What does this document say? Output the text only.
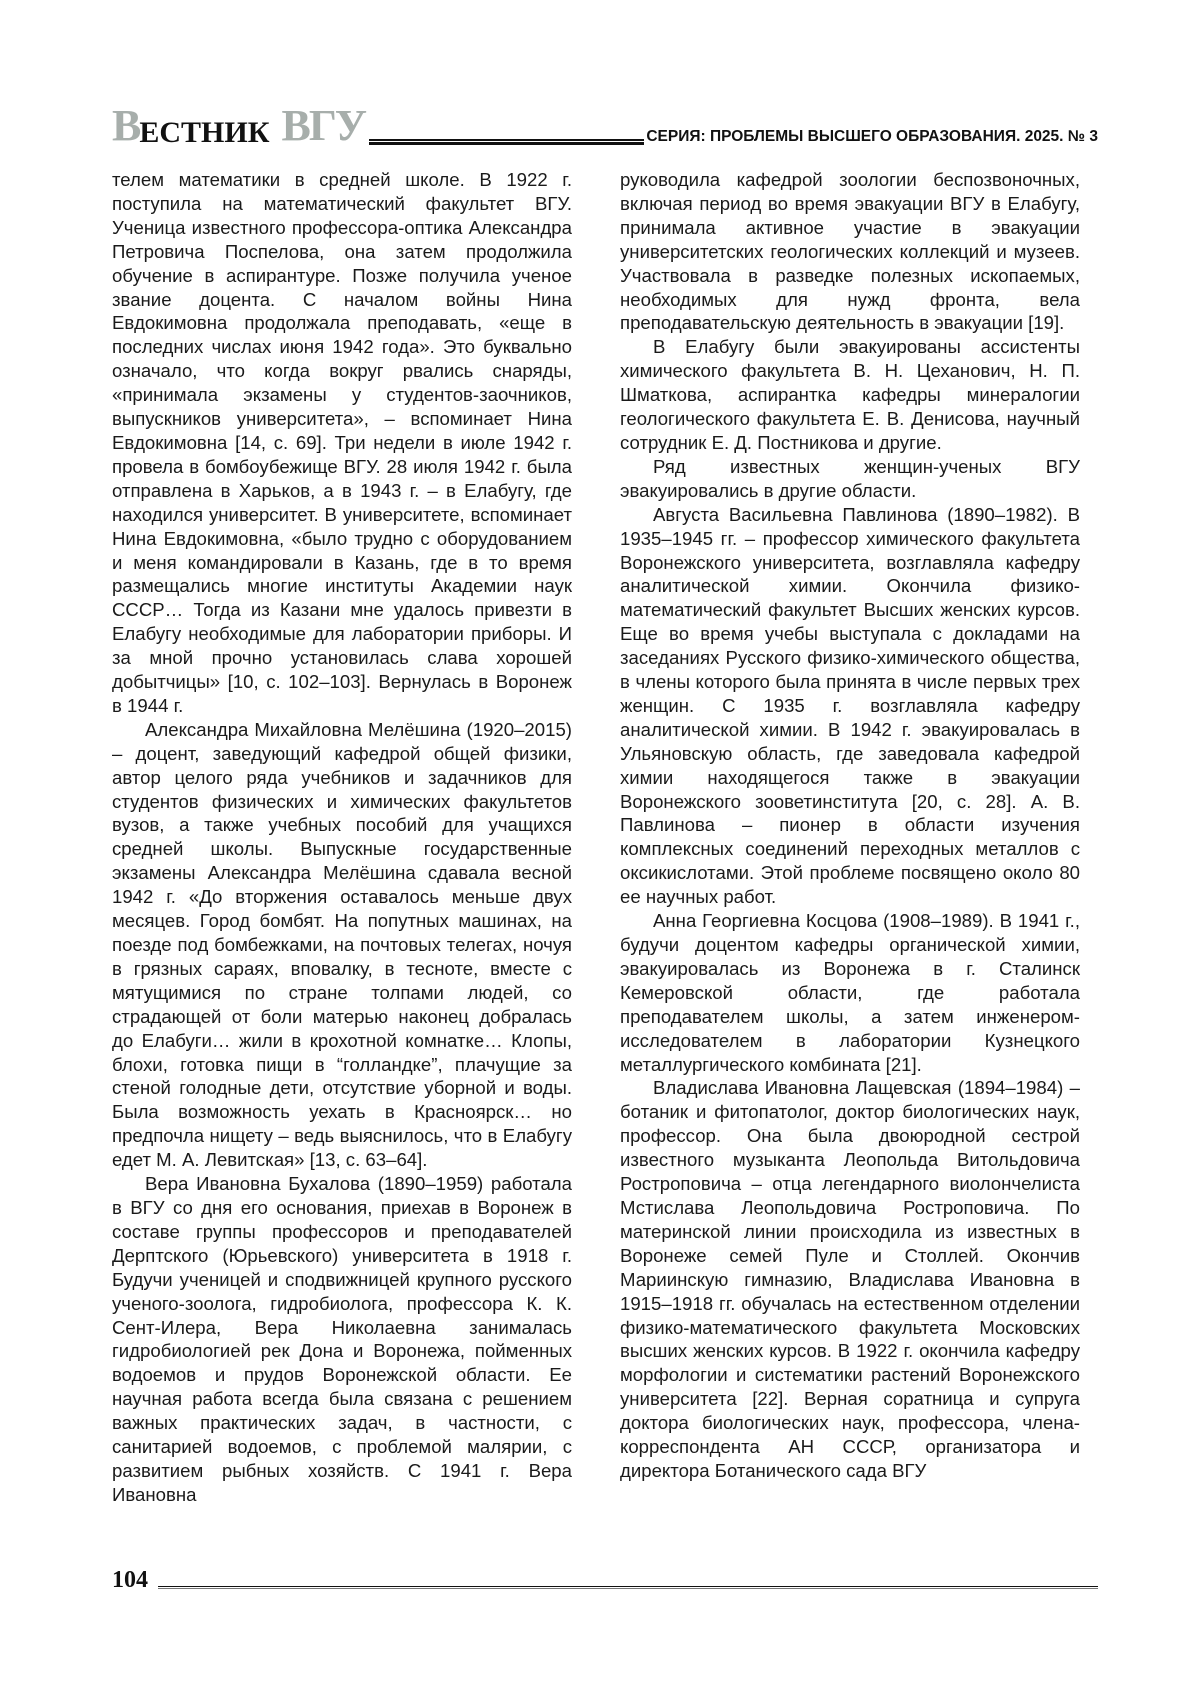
В ЕСТНИК ВГУ	СЕРИЯ: ПРОБЛЕМЫ ВЫСШЕГО ОБРАЗОВАНИЯ. 2025. № 3

телем математики в средней школе. В 1922 г. поступила на математический факультет ВГУ. Ученица известного профессора-оптика Александра Петровича Поспелова, она затем продолжила обучение в аспирантуре. Позже получила ученое звание доцента. С началом войны Нина Евдокимовна продолжала преподавать, «еще в последних числах июня 1942 года». Это буквально означало, что когда вокруг рвались снаряды, «принимала экзамены у студентов-заочников, выпускников университета», – вспоминает Нина Евдокимовна [14, с. 69]. Три недели в июле 1942 г. провела в бомбоубежище ВГУ. 28 июля 1942 г. была отправлена в Харьков, а в 1943 г. – в Елабугу, где находился университет. В университете, вспоминает Нина Евдокимовна, «было трудно с оборудованием и меня командировали в Казань, где в то время размещались многие институты Академии наук СССР… Тогда из Казани мне удалось привезти в Елабугу необходимые для лаборатории приборы. И за мной прочно установилась слава хорошей добытчицы» [10, с. 102–103]. Вернулась в Воронеж в 1944 г.

Александра Михайловна Мелёшина (1920–2015) – доцент, заведующий кафедрой общей физики, автор целого ряда учебников и задачников для студентов физических и химических факультетов вузов, а также учебных пособий для учащихся средней школы. Выпускные государственные экзамены Александра Мелёшина сдавала весной 1942 г. «До вторжения оставалось меньше двух месяцев. Город бомбят. На попутных машинах, на поезде под бомбежками, на почтовых телегах, ночуя в грязных сараях, вповалку, в тесноте, вместе с мятущимися по стране толпами людей, со страдающей от боли матерью наконец добралась до Елабуги… жили в крохотной комнатке… Клопы, блохи, готовка пищи в “голландке”, плачущие за стеной голодные дети, отсутствие уборной и воды. Была возможность уехать в Красноярск… но предпочла нищету – ведь выяснилось, что в Елабугу едет М. А. Левитская» [13, с. 63–64].

Вера Ивановна Бухалова (1890–1959) работала в ВГУ со дня его основания, приехав в Воронеж в составе группы профессоров и преподавателей Дерптского (Юрьевского) университета в 1918 г. Будучи ученицей и сподвижницей крупного русского ученого-зоолога, гидробиолога, профессора К. К. Сент-Илера, Вера Николаевна занималась гидробиологией рек Дона и Воронежа, пойменных водоемов и прудов Воронежской области. Ее научная работа всегда была связана с решением важных практических задач, в частности, с санитарией водоемов, с проблемой малярии, с развитием рыбных хозяйств. С 1941 г. Вера Ивановна

руководила кафедрой зоологии беспозвоночных, включая период во время эвакуации ВГУ в Елабугу, принимала активное участие в эвакуации университетских геологических коллекций и музеев. Участвовала в разведке полезных ископаемых, необходимых для нужд фронта, вела преподавательскую деятельность в эвакуации [19].

В Елабугу были эвакуированы ассистенты химического факультета В. Н. Цеханович, Н. П. Шматкова, аспирантка кафедры минералогии геологического факультета Е. В. Денисова, научный сотрудник Е. Д. Постникова и другие.

Ряд известных женщин-ученых ВГУ эвакуировались в другие области.

Августа Васильевна Павлинова (1890–1982). В 1935–1945 гг. – профессор химического факультета Воронежского университета, возглавляла кафедру аналитической химии. Окончила физико-математический факультет Высших женских курсов. Еще во время учебы выступала с докладами на заседаниях Русского физико-химического общества, в члены которого была принята в числе первых трех женщин. С 1935 г. возглавляла кафедру аналитической химии. В 1942 г. эвакуировалась в Ульяновскую область, где заведовала кафедрой химии находящегося также в эвакуации Воронежского зооветинститута [20, с. 28]. А. В. Павлинова – пионер в области изучения комплексных соединений переходных металлов с оксикислотами. Этой проблеме посвящено около 80 ее научных работ.

Анна Георгиевна Косцова (1908–1989). В 1941 г., будучи доцентом кафедры органической химии, эвакуировалась из Воронежа в г. Сталинск Кемеровской области, где работала преподавателем школы, а затем инженером-исследователем в лаборатории Кузнецкого металлургического комбината [21].

Владислава Ивановна Лащевская (1894–1984) – ботаник и фитопатолог, доктор биологических наук, профессор. Она была двоюродной сестрой известного музыканта Леопольда Витольдовича Ростроповича – отца легендарного виолончелиста Мстислава Леопольдовича Ростроповича. По материнской линии происходила из известных в Воронеже семей Пуле и Столлей. Окончив Мариинскую гимназию, Владислава Ивановна в 1915–1918 гг. обучалась на естественном отделении физико-математического факультета Московских высших женских курсов. В 1922 г. окончила кафедру морфологии и систематики растений Воронежского университета [22]. Верная соратница и супруга доктора биологических наук, профессора, члена-корреспондента АН СССР, организатора и директора Ботанического сада ВГУ

104
